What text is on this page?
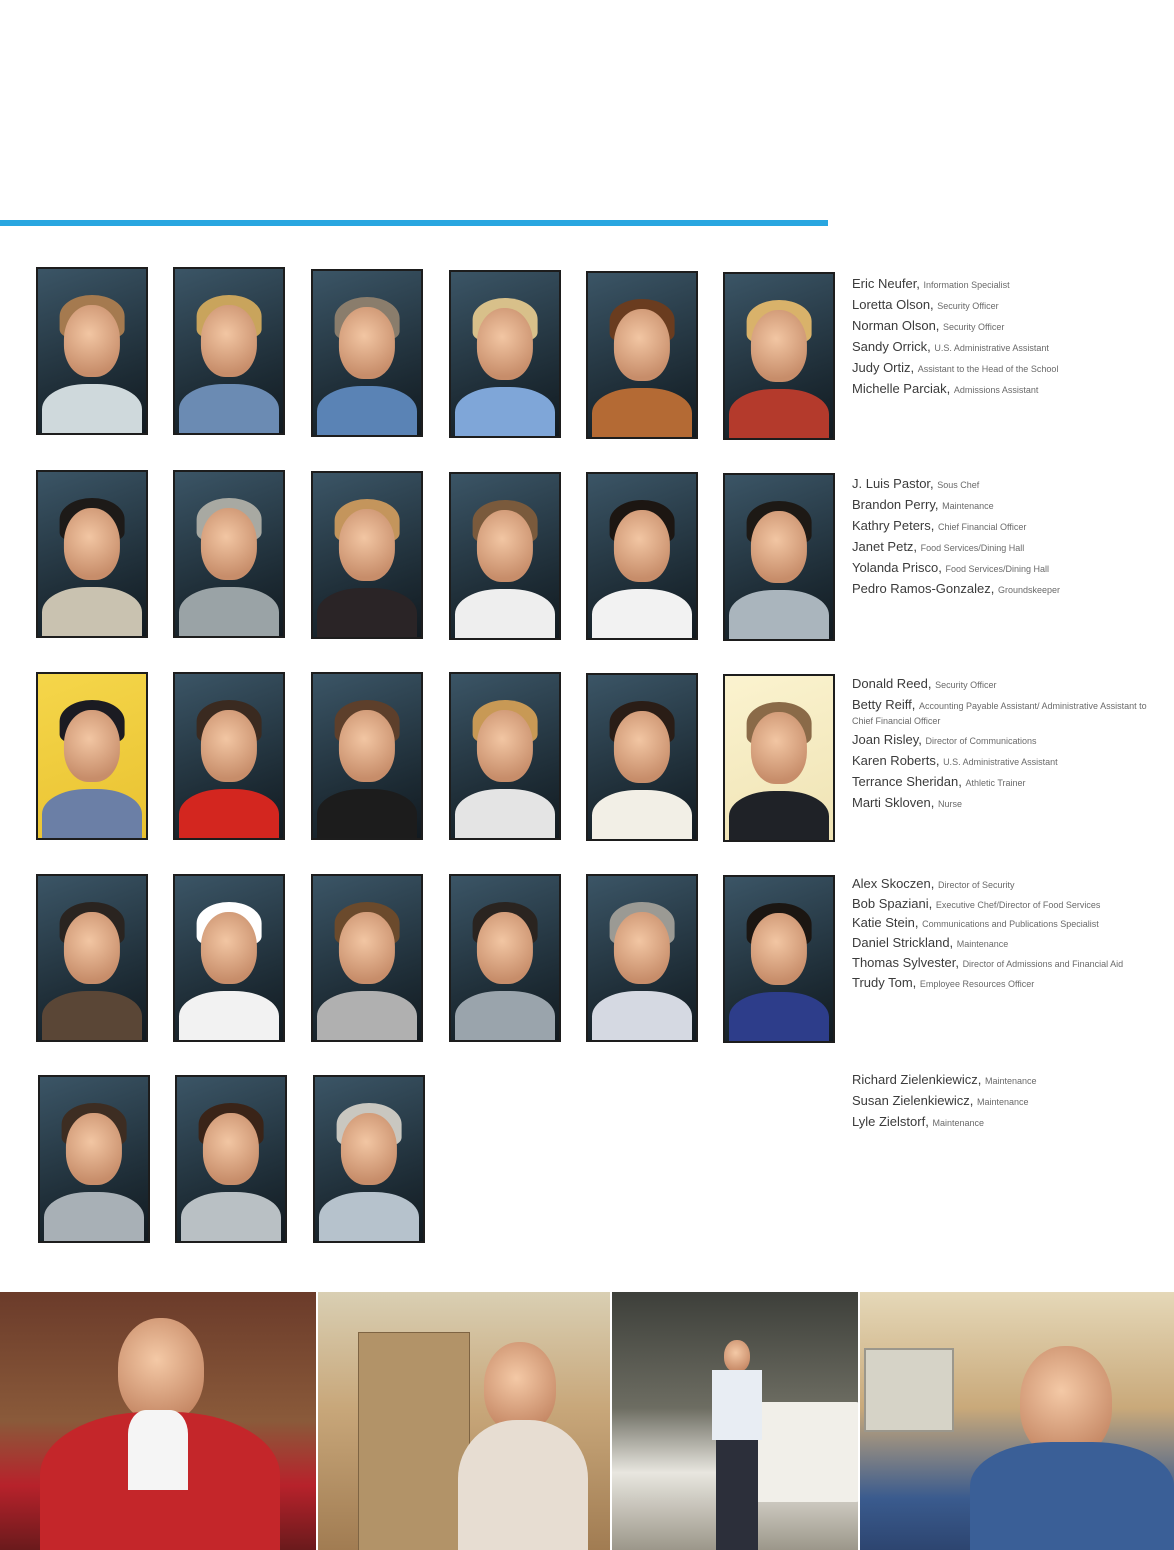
Eric Neufer, Information Specialist
Loretta Olson, Security Officer
Norman Olson, Security Officer
Sandy Orrick, U.S. Administrative Assistant
Judy Ortiz, Assistant to the Head of the School
Michelle Parciak, Admissions Assistant
J. Luis Pastor, Sous Chef
Brandon Perry, Maintenance
Kathry Peters, Chief Financial Officer
Janet Petz, Food Services/Dining Hall
Yolanda Prisco, Food Services/Dining Hall
Pedro Ramos-Gonzalez, Groundskeeper
Donald Reed, Security Officer
Betty Reiff, Accounting Payable Assistant/ Administrative Assistant to Chief Financial Officer
Joan Risley, Director of Communications
Karen Roberts, U.S. Administrative Assistant
Terrance Sheridan, Athletic Trainer
Marti Skloven, Nurse
Alex Skoczen, Director of Security
Bob Spaziani, Executive Chef/Director of Food Services
Katie Stein, Communications and Publications Specialist
Daniel Strickland, Maintenance
Thomas Sylvester, Director of Admissions and Financial Aid
Trudy Tom, Employee Resources Officer
Richard Zielenkiewicz, Maintenance
Susan Zielenkiewicz, Maintenance
Lyle Zielstorf, Maintenance
